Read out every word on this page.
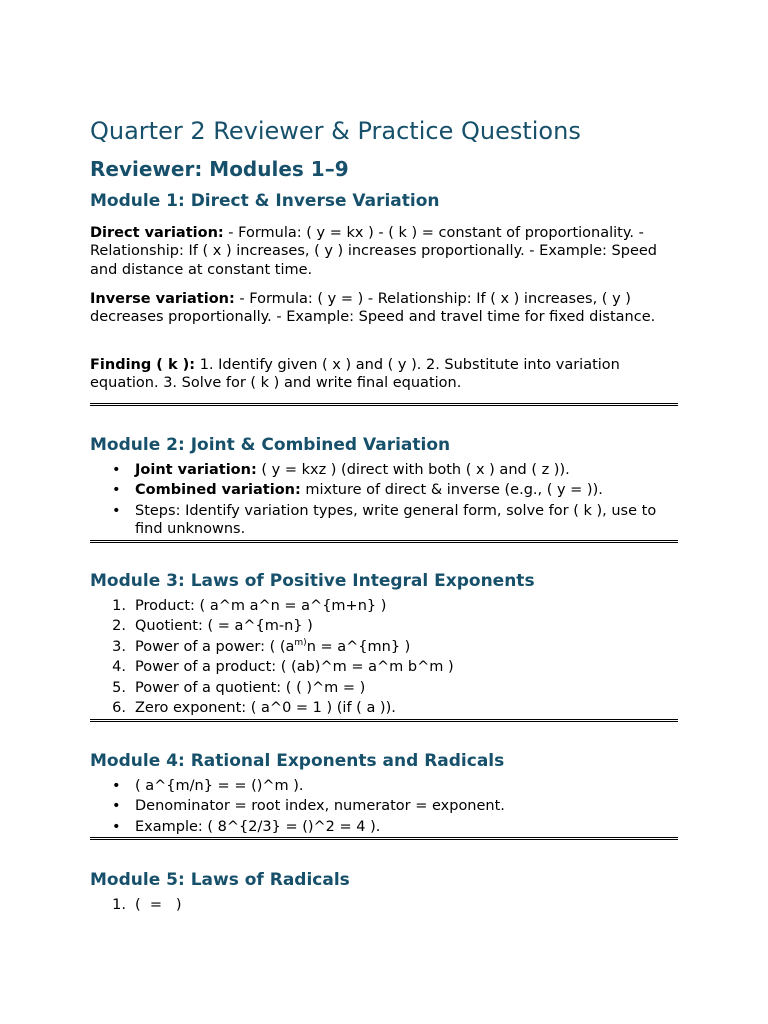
Quarter 2 Reviewer & Practice Questions
Reviewer: Modules 1–9
Module 1: Direct & Inverse Variation

Direct variation: - Formula: ( y = kx ) - ( k ) = constant of proportionality. - Relationship: If ( x ) increases, ( y ) increases proportionally. - Example: Speed and distance at constant time.

Inverse variation: - Formula: ( y = ) - Relationship: If ( x ) increases, ( y ) decreases proportionally. - Example: Speed and travel time for fixed distance.

Finding ( k ): 1. Identify given ( x ) and ( y ). 2. Substitute into variation equation. 3. Solve for ( k ) and write final equation.

Module 2: Joint & Combined Variation
• Joint variation: ( y = kxz ) (direct with both ( x ) and ( z )).
• Combined variation: mixture of direct & inverse (e.g., ( y = )).
• Steps: Identify variation types, write general form, solve for ( k ), use to find unknowns.
Module 3: Laws of Positive Integral Exponents
1. Product: ( a^m a^n = a^{m+n} )
2. Quotient: ( = a^{m-n} )
3. Power of a power: ( ($a^{m)}n$ = a^{mn} )
4. Power of a product: ( (ab)^m = a^m b^m )
5. Power of a quotient: ( ( )^m = )
6. Zero exponent: ( a^0 = 1 ) (if ( a )).
Module 4: Rational Exponents and Radicals
• ( a^{m/n} = = ()^m ).
• Denominator = root index, numerator = exponent.
• Example: ( 8^{2/3} = ()^2 = 4 ).
Module 5: Laws of Radicals
1. (  =   )
